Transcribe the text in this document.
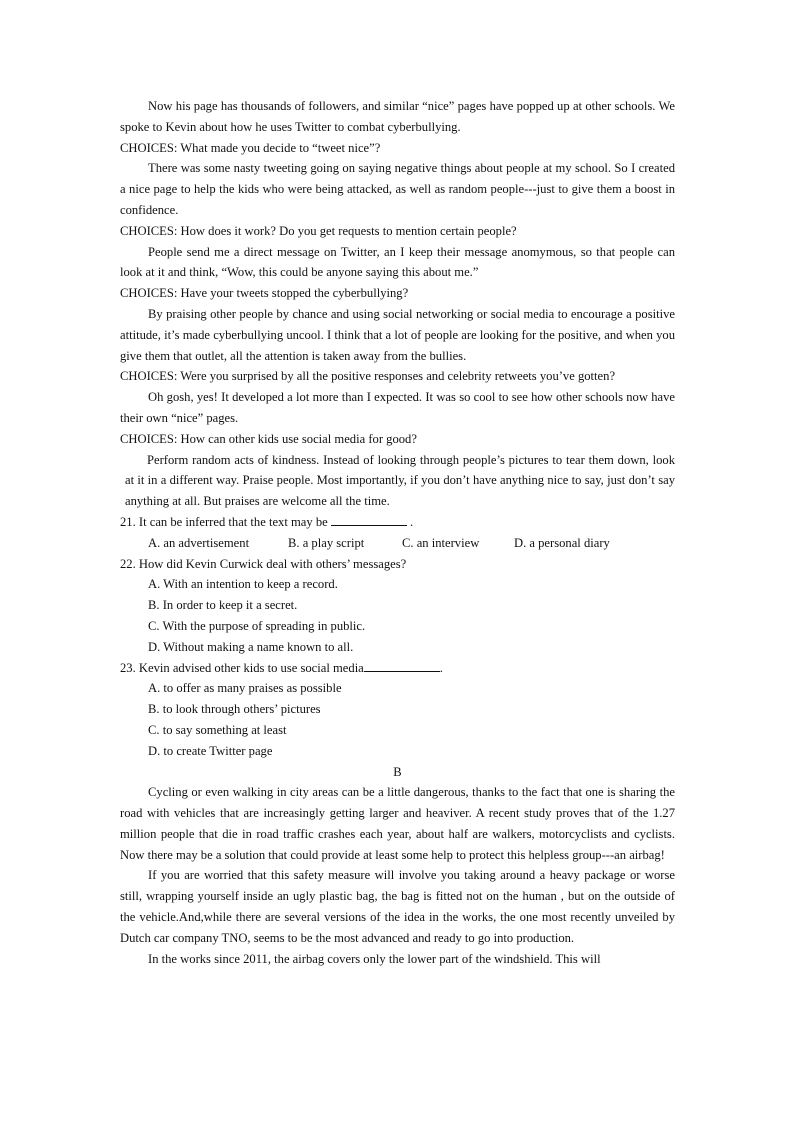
Now his page has thousands of followers, and similar “nice” pages have popped up at other schools. We spoke to Kevin about how he uses Twitter to combat cyberbullying.

CHOICES: What made you decide to “tweet nice”?

There was some nasty tweeting going on saying negative things about people at my school. So I created a nice page to help the kids who were being attacked, as well as random people---just to give them a boost in confidence.

CHOICES: How does it work? Do you get requests to mention certain people?

People send me a direct message on Twitter, an I keep their message anomymous, so that people can look at it and think, “Wow, this could be anyone saying this about me.”

CHOICES: Have your tweets stopped the cyberbullying?

By praising other people by chance and using social networking or social media to encourage a positive attitude, it’s made cyberbullying uncool. I think that a lot of people are looking for the positive, and when you give them that outlet, all the attention is taken away from the bullies.

CHOICES: Were you surprised by all the positive responses and celebrity retweets you’ve gotten?

Oh gosh, yes! It developed a lot more than I expected. It was so cool to see how other schools now have their own “nice” pages.

CHOICES: How can other kids use social media for good?

Perform random acts of kindness. Instead of looking through people’s pictures to tear them down, look at it in a different way. Praise people. Most importantly, if you don’t have anything nice to say, just don’t say anything at all. But praises are welcome all the time.

21. It can be inferred that the text may be	.

A. an advertisement	B. a play script	C. an interview	D. a personal diary

22. How did Kevin Curwick deal with others’ messages?

A. With an intention to keep a record.

B. In order to keep it a secret.

C. With the purpose of spreading in public.

D. Without making a name known to all.

23. Kevin advised other kids to use social media	.

A. to offer as many praises as possible

B. to look through others’ pictures

C. to say something at least

D. to create Twitter page

B

Cycling or even walking in city areas can be a little dangerous, thanks to the fact that one is sharing the road with vehicles that are increasingly getting larger and heaviver. A recent study proves that of the 1.27 million people that die in road traffic crashes each year, about half are walkers, motorcyclists and cyclists. Now there may be a solution that could provide at least some help to protect this helpless group---an airbag!

If you are worried that this safety measure will involve you taking around a heavy package or worse still, wrapping yourself inside an ugly plastic bag, the bag is fitted not on the human , but on the outside of the vehicle.And,while there are several versions of the idea in the works, the one most recently unveiled by Dutch car company TNO, seems to be the most advanced and ready to go into production.

In the works since 2011, the airbag covers only the lower part of the windshield. This will
